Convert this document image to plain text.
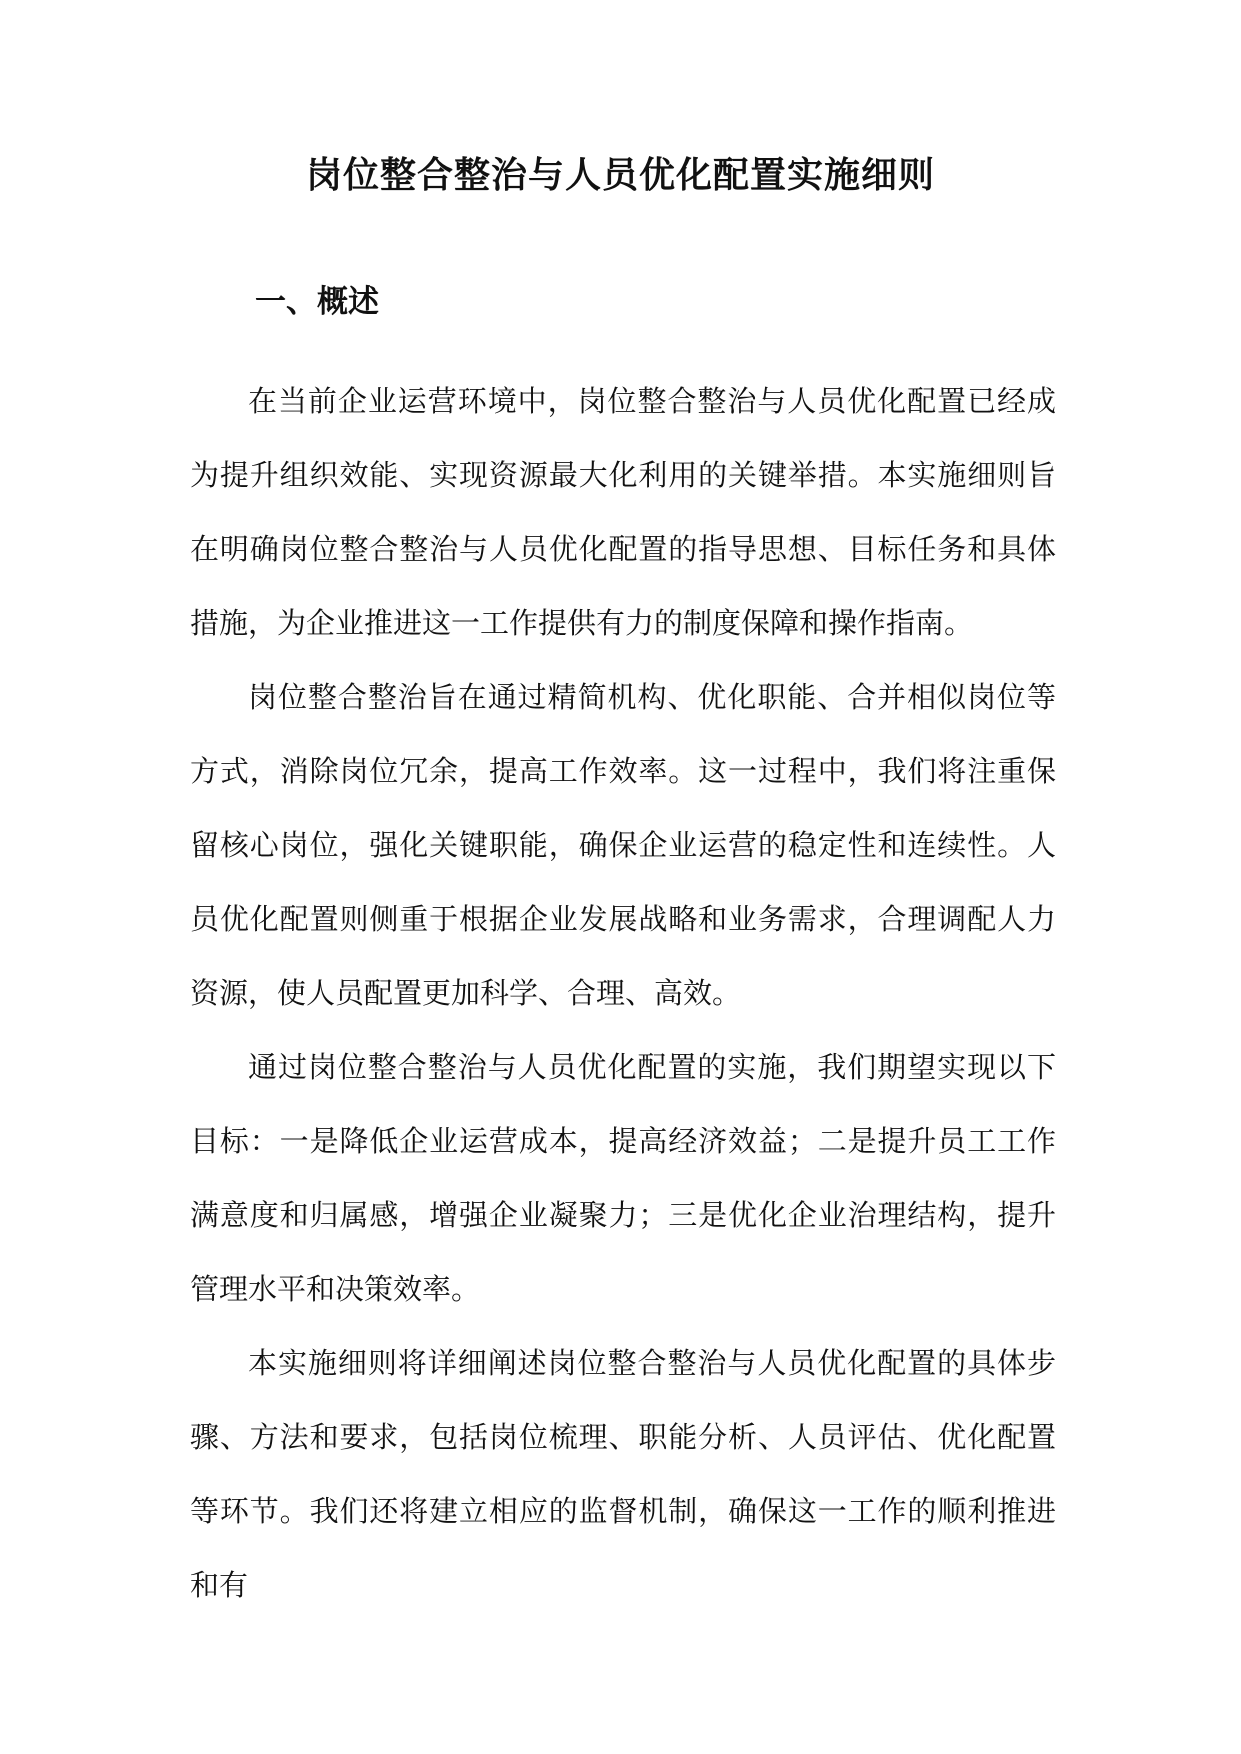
岗位整合整治与人员优化配置实施细则
一、概述

在当前企业运营环境中，岗位整合整治与人员优化配置已经成为提升组织效能、实现资源最大化利用的关键举措。本实施细则旨在明确岗位整合整治与人员优化配置的指导思想、目标任务和具体措施，为企业推进这一工作提供有力的制度保障和操作指南。

岗位整合整治旨在通过精简机构、优化职能、合并相似岗位等方式，消除岗位冗余，提高工作效率。这一过程中，我们将注重保留核心岗位，强化关键职能，确保企业运营的稳定性和连续性。人员优化配置则侧重于根据企业发展战略和业务需求，合理调配人力资源，使人员配置更加科学、合理、高效。

通过岗位整合整治与人员优化配置的实施，我们期望实现以下目标：一是降低企业运营成本，提高经济效益；二是提升员工工作满意度和归属感，增强企业凝聚力；三是优化企业治理结构，提升管理水平和决策效率。

本实施细则将详细阐述岗位整合整治与人员优化配置的具体步骤、方法和要求，包括岗位梳理、职能分析、人员评估、优化配置等环节。我们还将建立相应的监督机制，确保这一工作的顺利推进和有
